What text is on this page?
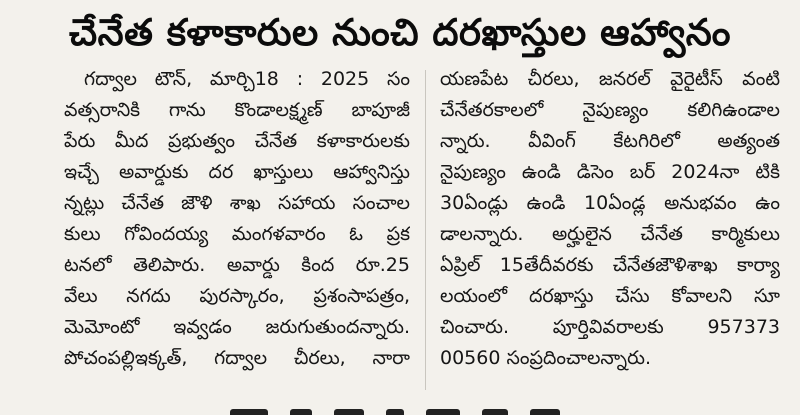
చేనేత కళాకారుల నుంచి దరఖాస్తుల ఆహ్వానం
గద్వాల టౌన్, మార్చి18 : 2025 సం
వత్సరానికి గాను కొండాలక్ష్మణ్ బాపూజీ
పేరు మీద ప్రభుత్వం చేనేత కళాకారులకు
ఇచ్చే అవార్డుకు దర ఖాస్తులు ఆహ్వానిస్తు
న్నట్లు చేనేత జౌళి శాఖ సహాయ సంచాల
కులు గోవిందయ్య మంగళవారం ఓ ప్రక
టనలో తెలిపారు. అవార్డు కింద రూ.25
వేలు నగదు పురస్కారం, ప్రశంసాపత్రం,
మెమోంటో ఇవ్వడం జరుగుతుందన్నారు.
పోచంపల్లిఇక్కత్, గద్వాల చీరలు, నారా
యణపేట చీరలు, జనరల్ వైరైటీస్ వంటి
చేనేతరకాలలో నైపుణ్యం కలిగిఉండాల
న్నారు. వీవింగ్ కేటగిరిలో అత్యంత
నైపుణ్యం ఉండి డిసెం బర్ 2024నా టికి
30ఏండ్లు ఉండి 10ఏండ్ల అనుభవం ఉం
డాలన్నారు. అర్హులైన చేనేత కార్మికులు
ఏప్రిల్ 15తేదీవరకు చేనేతజౌళిశాఖ కార్యా
లయంలో దరఖాస్తు చేసు కోవాలని సూ
చించారు. పూర్తివివరాలకు 957373
00560 సంప్రదించాలన్నారు.
